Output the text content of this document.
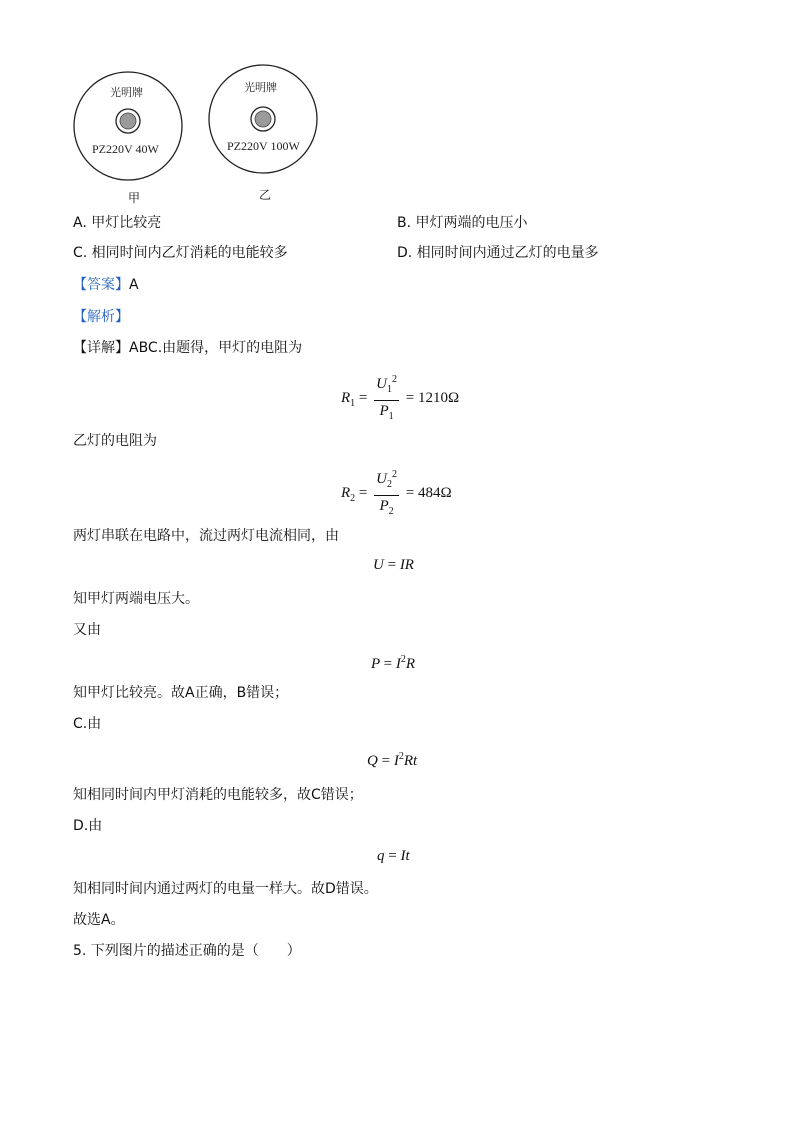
光明牌
PZ220V 40W
甲
光明牌
PZ220V 100W
乙
A. 甲灯比较亮	B. 甲灯两端的电压小
C. 相同时间内乙灯消耗的电能较多	D. 相同时间内通过乙灯的电量多
【答案】A
【解析】
【详解】ABC.由题得，甲灯的电阻为
$R_1 = \frac{U_1^2}{P_1} = 1210\Omega$
乙灯的电阻为
$R_2 = \frac{U_2^2}{P_2} = 484\Omega$
两灯串联在电路中，流过两灯电流相同，由
U = IR
知甲灯两端电压大。
又由
$P = I^2R$
知甲灯比较亮。故A正确，B错误；
C.由
$Q = I^2Rt$
知相同时间内甲灯消耗的电能较多，故C错误；
D.由
q = It
知相同时间内通过两灯的电量一样大。故D错误。
故选A。
5. 下列图片的描述正确的是（　　）
